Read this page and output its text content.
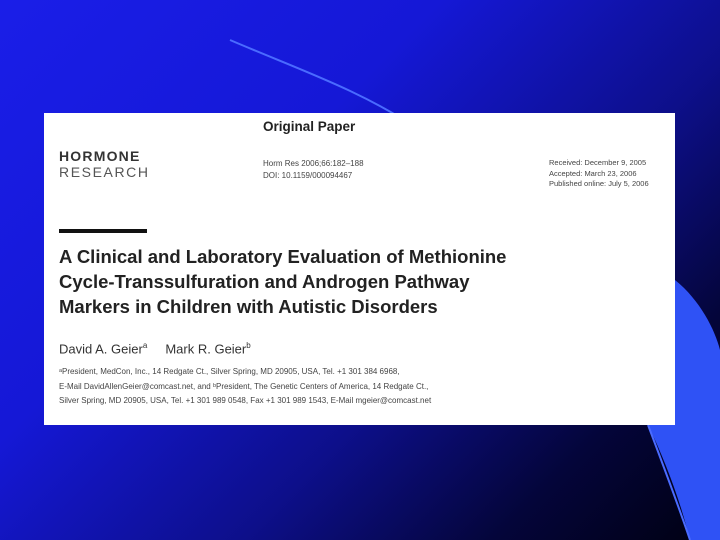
Original Paper
HORMONE
RESEARCH
Horm Res 2006;66:182–188
DOI: 10.1159/000094467
Received: December 9, 2005
Accepted: March 23, 2006
Published online: July 5, 2006
A Clinical and Laboratory Evaluation of Methionine
Cycle-Transsulfuration and Androgen Pathway
Markers in Children with Autistic Disorders
David A. Geier$^a$ Mark R. Geier$^b$
ᵃPresident, MedCon, Inc., 14 Redgate Ct., Silver Spring, MD 20905, USA, Tel. +1 301 384 6968,
E-Mail DavidAllenGeier@comcast.net, and ᵇPresident, The Genetic Centers of America, 14 Redgate Ct.,
Silver Spring, MD 20905, USA, Tel. +1 301 989 0548, Fax +1 301 989 1543, E-Mail mgeier@comcast.net
